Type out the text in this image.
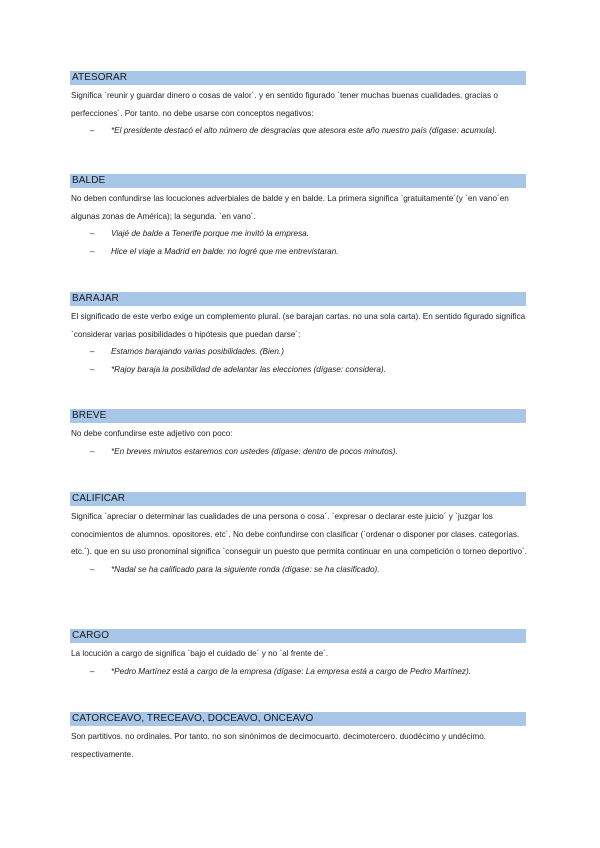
ATESORAR
Significa `reunir y guardar dinero o cosas de valor´. y en sentido figurado `tener muchas buenas cualidades. gracias o perfecciones´. Por tanto. no debe usarse con conceptos negativos:
– *El presidente destacó el alto número de desgracias que atesora este año nuestro país (dígase: acumula).
BALDE
No deben confundirse las locuciones adverbiales de balde y en balde. La primera significa `gratuitamente´(y `en vano´en algunas zonas de América); la segunda. `en vano´.
– Viajé de balde a Tenerife porque me invitó la empresa.
– Hice el viaje a Madrid en balde: no logré que me entrevistaran.
BARAJAR
El significado de este verbo exige un complemento plural. (se barajan cartas. no una sola carta). En sentido figurado significa `considerar varias posibilidades o hipótesis que puedan darse´:
– Estamos barajando varias posibilidades. (Bien.)
– *Rajoy baraja la posibilidad de adelantar las elecciones (dígase: considera).
BREVE
No debe confundirse este adjetivo con poco:
– *En breves minutos estaremos con ustedes (dígase: dentro de pocos minutos).
CALIFICAR
Significa `apreciar o determinar las cualidades de una persona o cosa´. `expresar o declarar este juicio´ y `juzgar los conocimientos de alumnos. opositores. etc´. No debe confundirse con clasificar (`ordenar o disponer por clases. categorías. etc.´). que en su uso pronominal significa `conseguir un puesto que permita continuar en una competición o torneo deportivo´.
– *Nadal se ha calificado para la siguiente ronda (dígase: se ha clasificado).
CARGO
La locución a cargo de significa `bajo el cuidado de´ y no `al frente de´.
– *Pedro Martínez está a cargo de la empresa (dígase: La empresa está a cargo de Pedro Martínez).
CATORCEAVO, TRECEAVO, DOCEAVO, ONCEAVO
Son partitivos. no ordinales. Por tanto. no son sinónimos de decimocuarto. decimotercero. duodécimo y undécimo. respectivamente.
